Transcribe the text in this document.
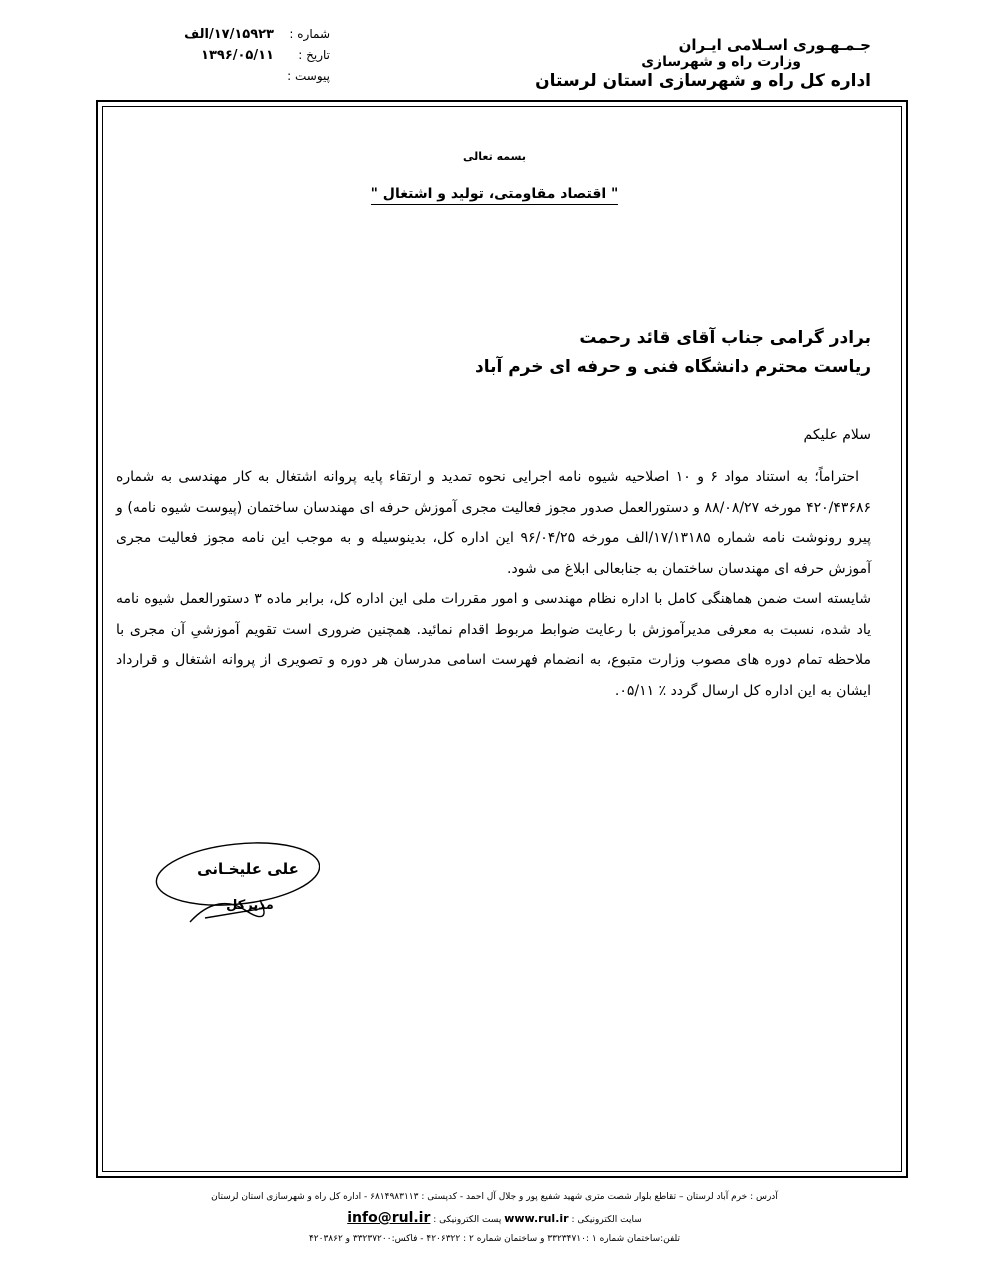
جـمـهـوری اسـلامی ایـران
وزارت راه و شهرسازی
اداره کل راه و شهرسازی استان لرستان
شماره :
۱۷/۱۵۹۲۳/الف
تاریخ :
۱۳۹۶/۰۵/۱۱
پیوست :
بسمه تعالی
" اقتصاد مقاومتی، تولید و اشتغال "
برادر گرامی جناب آقای قائد رحمت
ریاست محترم دانشگاه فنی و حرفه ای خرم آباد
سلام علیکم

احتراماً؛ به استناد مواد ۶ و ۱۰ اصلاحیه شیوه نامه اجرایی نحوه تمدید و ارتقاء پایه پروانه اشتغال به کار مهندسی به شماره ۴۲۰/۴۳۶۸۶ مورخه ۸۸/۰۸/۲۷ و دستورالعمل صدور مجوز فعالیت مجری آموزش حرفه ای مهندسان ساختمان (پیوست شیوه نامه) و پیرو رونوشت نامه شماره ۱۷/۱۳۱۸۵/الف مورخه ۹۶/۰۴/۲۵ این اداره کل، بدینوسیله و به موجب این نامه مجوز فعالیت مجری آموزش حرفه ای مهندسان ساختمان به جنابعالی ابلاغ می شود.

شایسته است ضمن هماهنگی کامل با اداره نظام مهندسی و امور مقررات ملی این اداره کل، برابر ماده ۳ دستورالعمل شیوه نامه یاد شده، نسبت به معرفی مدیرآموزش با رعایت ضوابط مربوط اقدام نمائید. همچنین ضروری است تقویم آموزشیِ آن مجری با ملاحظه تمام دوره های مصوب وزارت متبوع، به انضمام فهرست اسامی مدرسان هر دوره و تصویری از پروانه اشتغال و قرارداد ایشان به این اداره کل ارسال گردد ٪ ۰۵/۱۱.

علی علیخـانی
مدیرکل
آدرس : خرم آباد لرستان – تقاطع بلوار شصت متری شهید شفیع پور و جلال آل احمد - کدپستی : ۶۸۱۴۹۸۳۱۱۳ - اداره کل راه و شهرسازی استان لرستان
سایت الکترونیکی : www.rul.ir پست الکترونیکی : info@rul.ir
تلفن:ساختمان شماره ۱ :۳۳۲۳۴۷۱۰ و ساختمان شماره ۲ : ۴۲۰۶۳۲۲ - فاکس:۳۳۲۳۷۲۰۰ و ۴۲۰۳۸۶۲
